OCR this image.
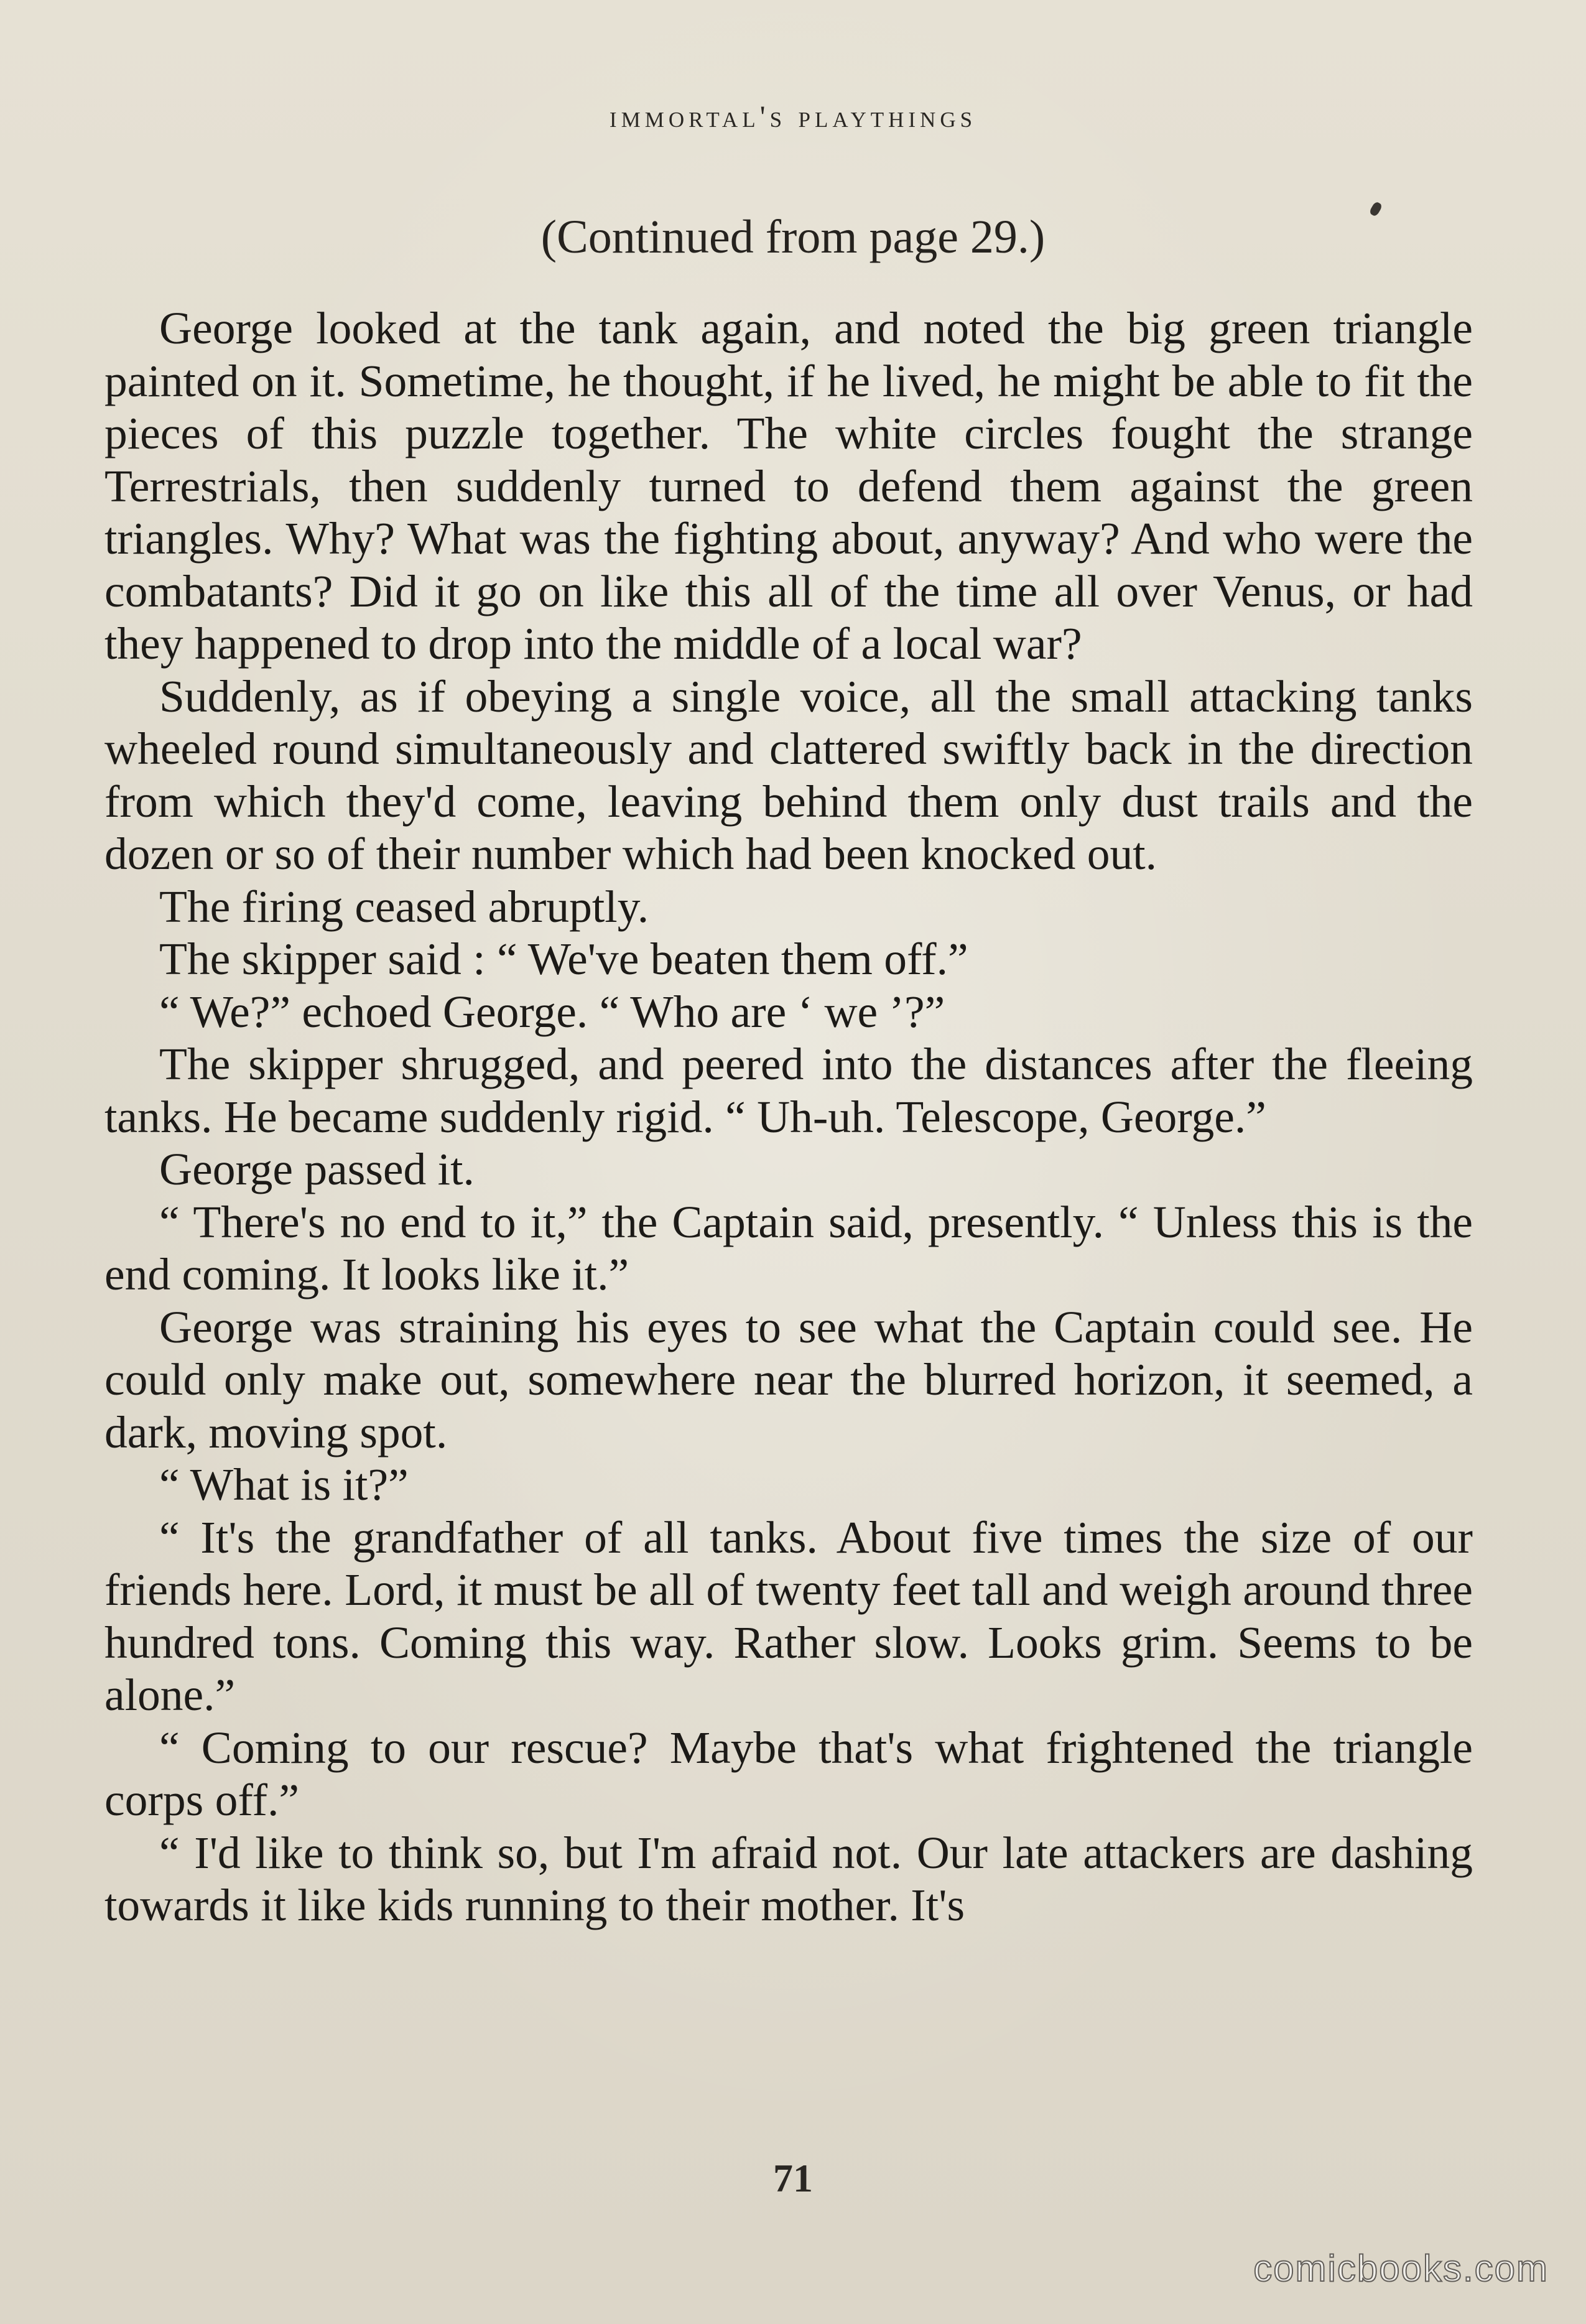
immortal's playthings
(Continued from page 29.)

George looked at the tank again, and noted the big green triangle painted on it. Sometime, he thought, if he lived, he might be able to fit the pieces of this puzzle together. The white circles fought the strange Terrestrials, then suddenly turned to defend them against the green triangles. Why? What was the fighting about, anyway? And who were the combatants? Did it go on like this all of the time all over Venus, or had they happened to drop into the middle of a local war?

Suddenly, as if obeying a single voice, all the small attacking tanks wheeled round simultaneously and clattered swiftly back in the direction from which they'd come, leaving behind them only dust trails and the dozen or so of their number which had been knocked out.

The firing ceased abruptly.

The skipper said : “ We've beaten them off.”

“ We?” echoed George. “ Who are ‘ we ’?”

The skipper shrugged, and peered into the distances after the fleeing tanks. He became suddenly rigid. “ Uh-uh. Telescope, George.”

George passed it.

“ There's no end to it,” the Captain said, presently. “ Unless this is the end coming. It looks like it.”

George was straining his eyes to see what the Captain could see. He could only make out, somewhere near the blurred horizon, it seemed, a dark, moving spot.

“ What is it?”

“ It's the grandfather of all tanks. About five times the size of our friends here. Lord, it must be all of twenty feet tall and weigh around three hundred tons. Coming this way. Rather slow. Looks grim. Seems to be alone.”

“ Coming to our rescue? Maybe that's what frightened the triangle corps off.”

“ I'd like to think so, but I'm afraid not. Our late attackers are dashing towards it like kids running to their mother. It's

71
comicbooks.com
